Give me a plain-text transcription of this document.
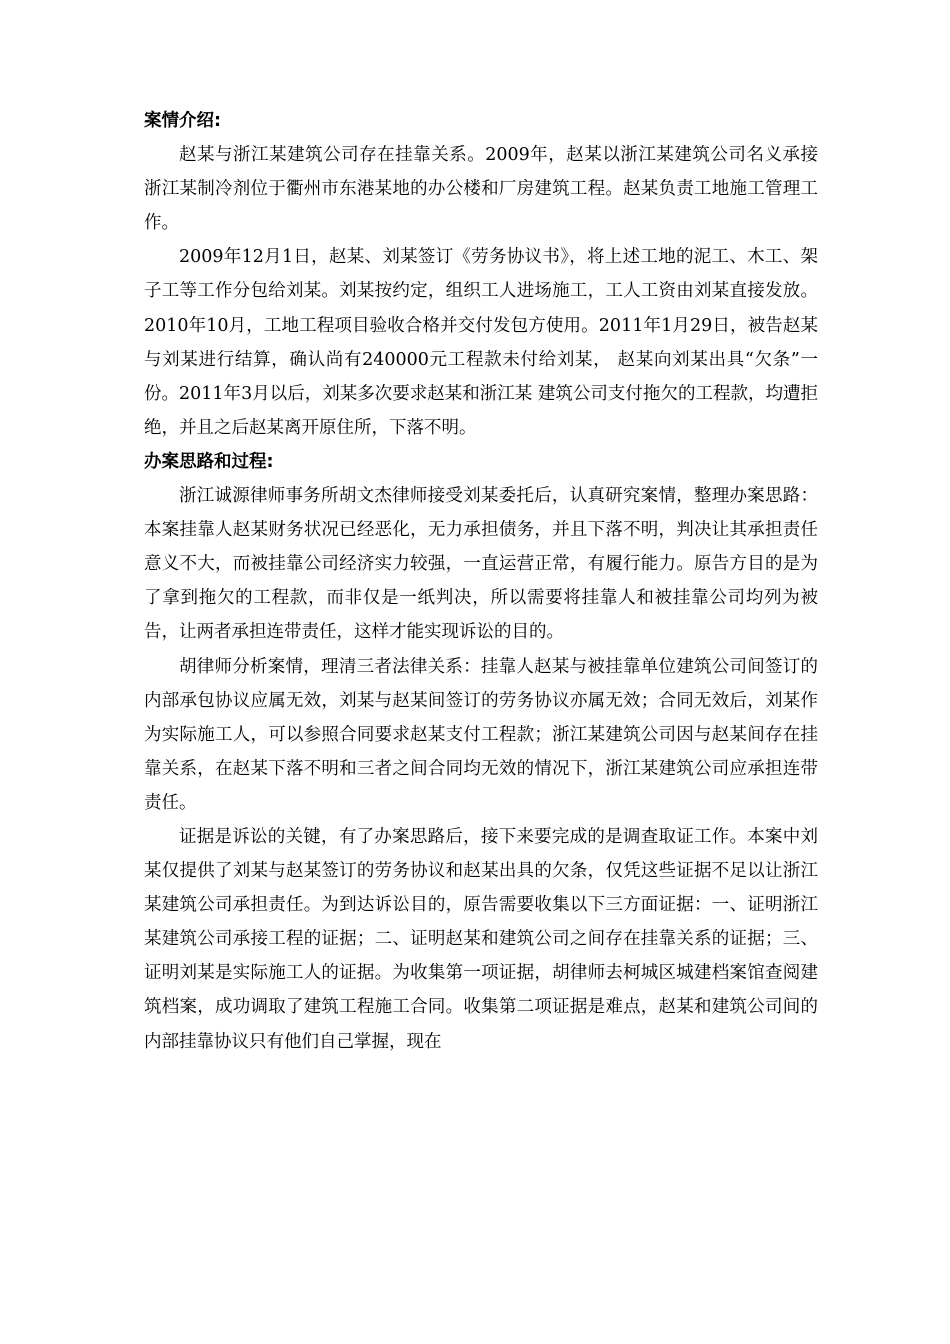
案情介绍:

赵某与浙江某建筑公司存在挂靠关系。2009年，赵某以浙江某建筑公司名义承接浙江某制冷剂位于衢州市东港某地的办公楼和厂房建筑工程。赵某负责工地施工管理工作。

2009年12月1日，赵某、刘某签订《劳务协议书》，将上述工地的泥工、木工、架子工等工作分包给刘某。刘某按约定，组织工人进场施工，工人工资由刘某直接发放。2010年10月，工地工程项目验收合格并交付发包方使用。2011年1月29日，被告赵某与刘某进行结算，确认尚有240000元工程款未付给刘某， 赵某向刘某出具“欠条”一份。2011年3月以后，刘某多次要求赵某和浙江某 建筑公司支付拖欠的工程款，均遭拒绝，并且之后赵某离开原住所，下落不明。

办案思路和过程:

浙江诚源律师事务所胡文杰律师接受刘某委托后，认真研究案情，整理办案思路：本案挂靠人赵某财务状况已经恶化，无力承担债务，并且下落不明，判决让其承担责任意义不大，而被挂靠公司经济实力较强，一直运营正常，有履行能力。原告方目的是为了拿到拖欠的工程款，而非仅是一纸判决，所以需要将挂靠人和被挂靠公司均列为被告，让两者承担连带责任，这样才能实现诉讼的目的。

胡律师分析案情，理清三者法律关系：挂靠人赵某与被挂靠单位建筑公司间签订的内部承包协议应属无效，刘某与赵某间签订的劳务协议亦属无效；合同无效后，刘某作为实际施工人，可以参照合同要求赵某支付工程款；浙江某建筑公司因与赵某间存在挂靠关系，在赵某下落不明和三者之间合同均无效的情况下，浙江某建筑公司应承担连带责任。

证据是诉讼的关键，有了办案思路后，接下来要完成的是调查取证工作。本案中刘某仅提供了刘某与赵某签订的劳务协议和赵某出具的欠条，仅凭这些证据不足以让浙江某建筑公司承担责任。为到达诉讼目的，原告需要收集以下三方面证据：一、证明浙江某建筑公司承接工程的证据；二、证明赵某和建筑公司之间存在挂靠关系的证据；三、证明刘某是实际施工人的证据。为收集第一项证据，胡律师去柯城区城建档案馆查阅建筑档案，成功调取了建筑工程施工合同。收集第二项证据是难点，赵某和建筑公司间的内部挂靠协议只有他们自己掌握，现在
